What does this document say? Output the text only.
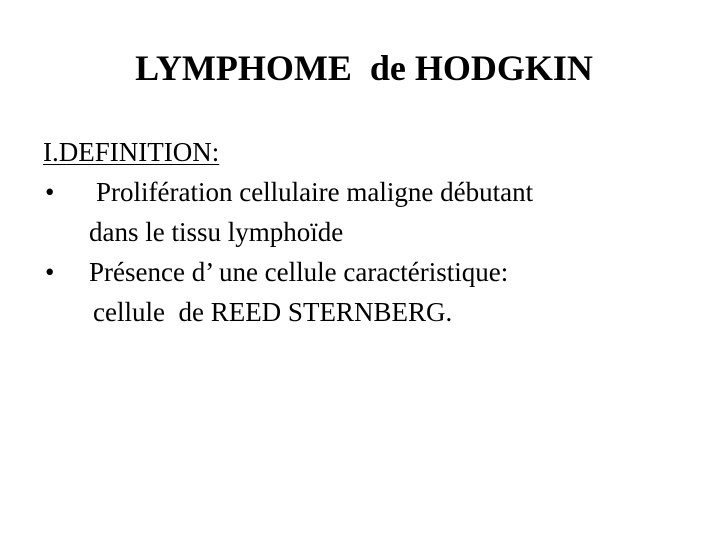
LYMPHOME  de HODGKIN
I.DEFINITION:
•	Prolifération cellulaire maligne débutant
dans le tissu lymphoïde
•	Présence d’ une cellule caractéristique:
cellule  de REED STERNBERG.
